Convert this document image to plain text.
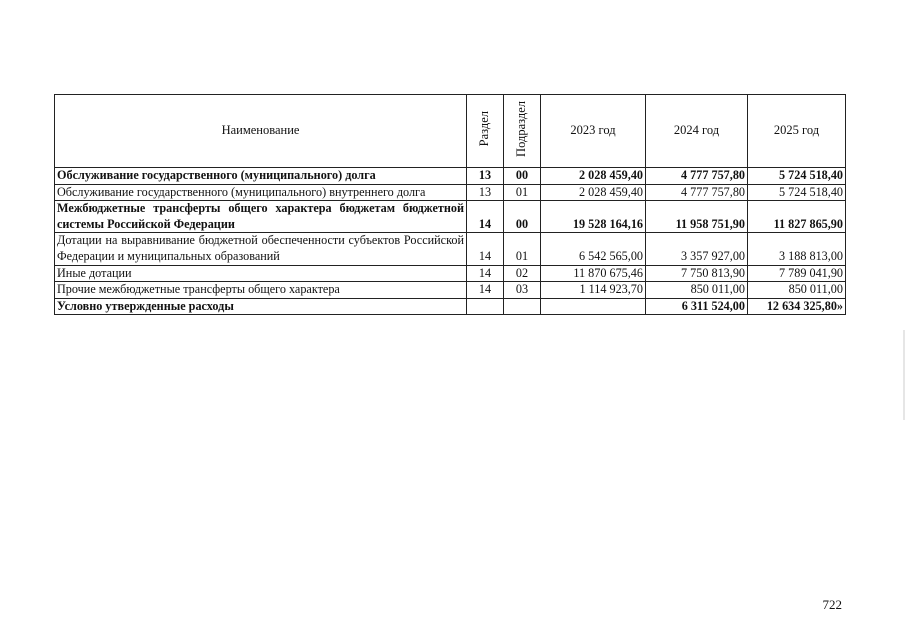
Наименование	Раздел	Подраздел	2023 год	2024 год	2025 год
Обслуживание государственного (муниципального) долга	13	00	2 028 459,40	4 777 757,80	5 724 518,40
Обслуживание государственного (муниципального) внутреннего долга	13	01	2 028 459,40	4 777 757,80	5 724 518,40
Межбюджетные трансферты общего характера бюджетам бюджетной системы Российской Федерации	14	00	19 528 164,16	11 958 751,90	11 827 865,90
Дотации на выравнивание бюджетной обеспеченности субъектов Российской Федерации и муниципальных образований	14	01	6 542 565,00	3 357 927,00	3 188 813,00
Иные дотации	14	02	11 870 675,46	7 750 813,90	7 789 041,90
Прочие межбюджетные трансферты общего характера	14	03	1 114 923,70	850 011,00	850 011,00
Условно утвержденные расходы				6 311 524,00	12 634 325,80»
722
